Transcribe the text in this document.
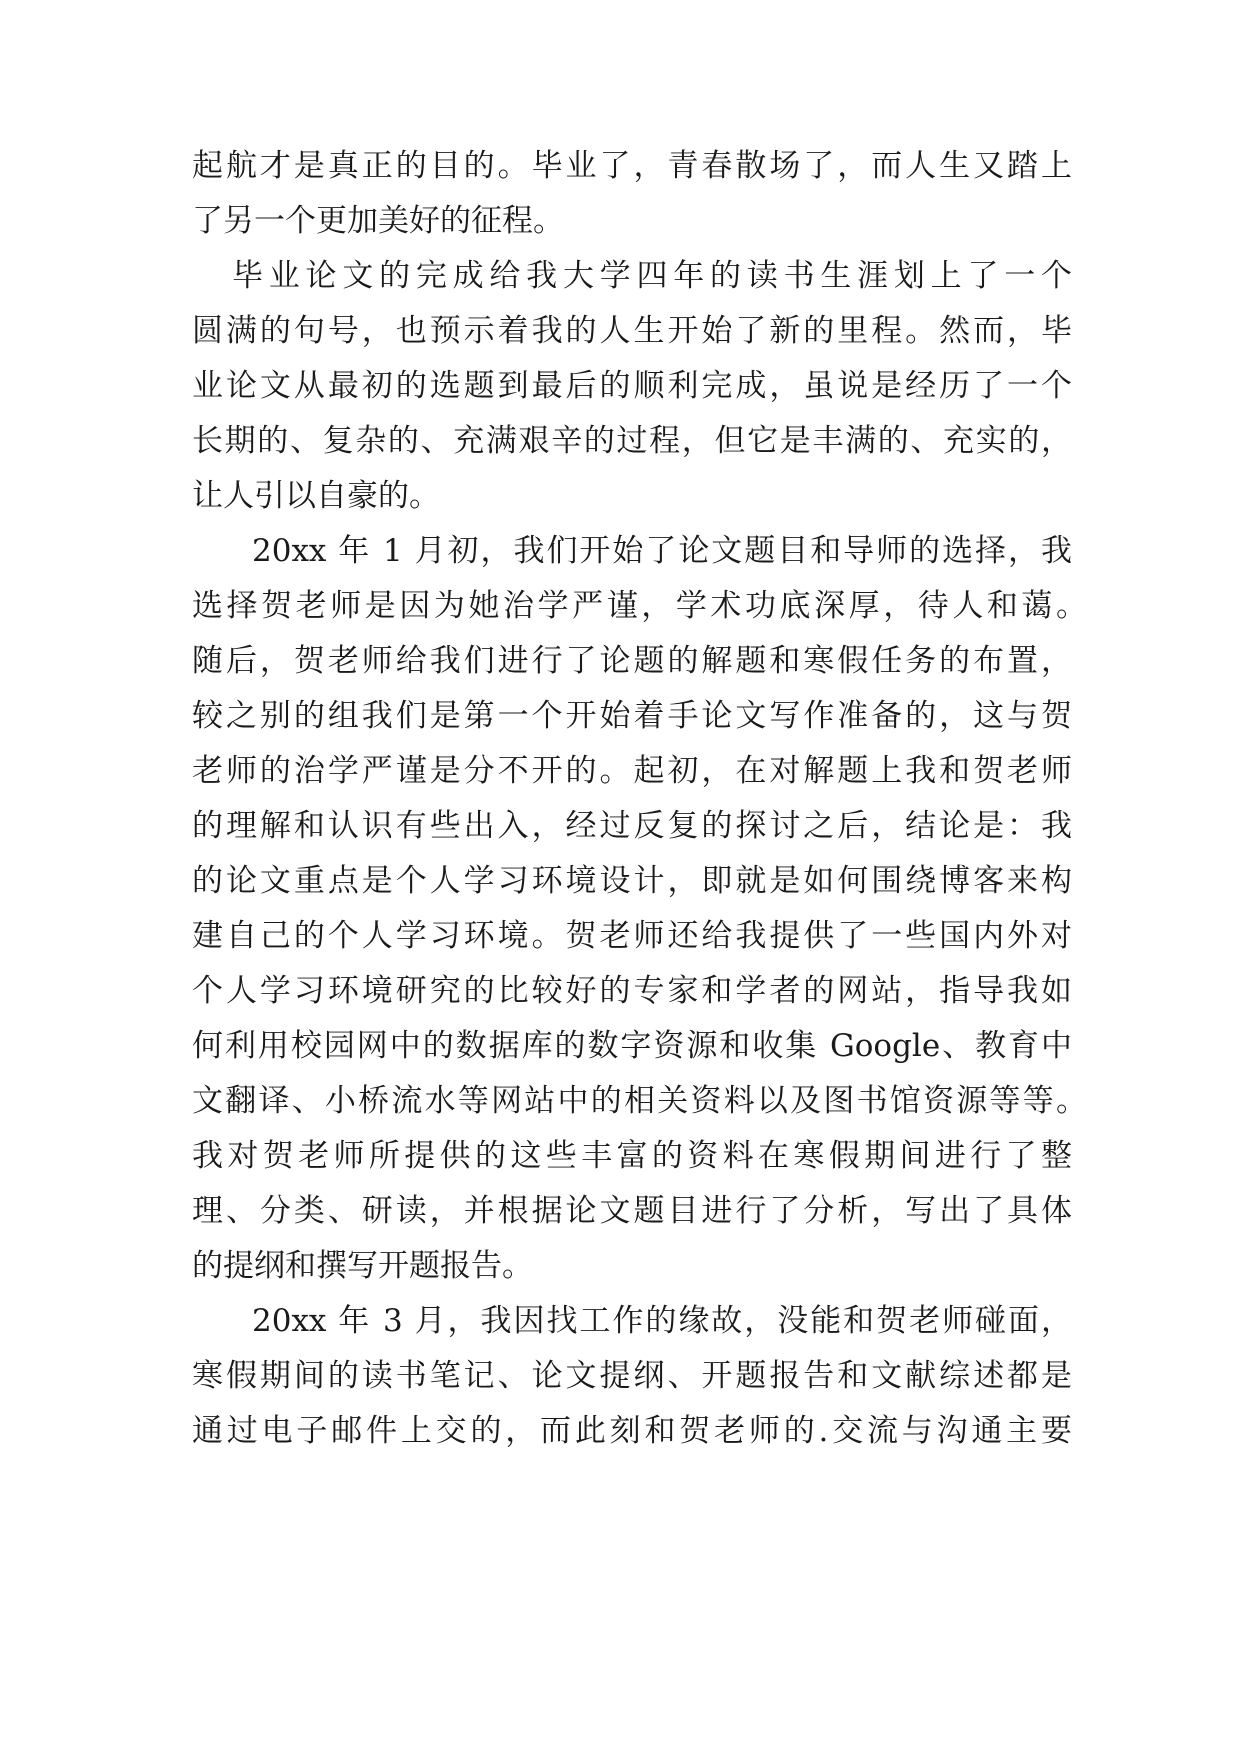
起航才是真正的目的。毕业了，青春散场了，而人生又踏上
了另一个更加美好的征程。
毕业论文的完成给我大学四年的读书生涯划上了一个
圆满的句号，也预示着我的人生开始了新的里程。然而，毕
业论文从最初的选题到最后的顺利完成，虽说是经历了一个
长期的、复杂的、充满艰辛的过程，但它是丰满的、充实的，
让人引以自豪的。
20xx 年 1 月初，我们开始了论文题目和导师的选择，我
选择贺老师是因为她治学严谨，学术功底深厚，待人和蔼。
随后，贺老师给我们进行了论题的解题和寒假任务的布置，
较之别的组我们是第一个开始着手论文写作准备的，这与贺
老师的治学严谨是分不开的。起初，在对解题上我和贺老师
的理解和认识有些出入，经过反复的探讨之后，结论是：我
的论文重点是个人学习环境设计，即就是如何围绕博客来构
建自己的个人学习环境。贺老师还给我提供了一些国内外对
个人学习环境研究的比较好的专家和学者的网站，指导我如
何利用校园网中的数据库的数字资源和收集 Google、教育中
文翻译、小桥流水等网站中的相关资料以及图书馆资源等等。
我对贺老师所提供的这些丰富的资料在寒假期间进行了整
理、分类、研读，并根据论文题目进行了分析，写出了具体
的提纲和撰写开题报告。
20xx 年 3 月，我因找工作的缘故，没能和贺老师碰面，
寒假期间的读书笔记、论文提纲、开题报告和文献综述都是
通过电子邮件上交的，而此刻和贺老师的.交流与沟通主要
